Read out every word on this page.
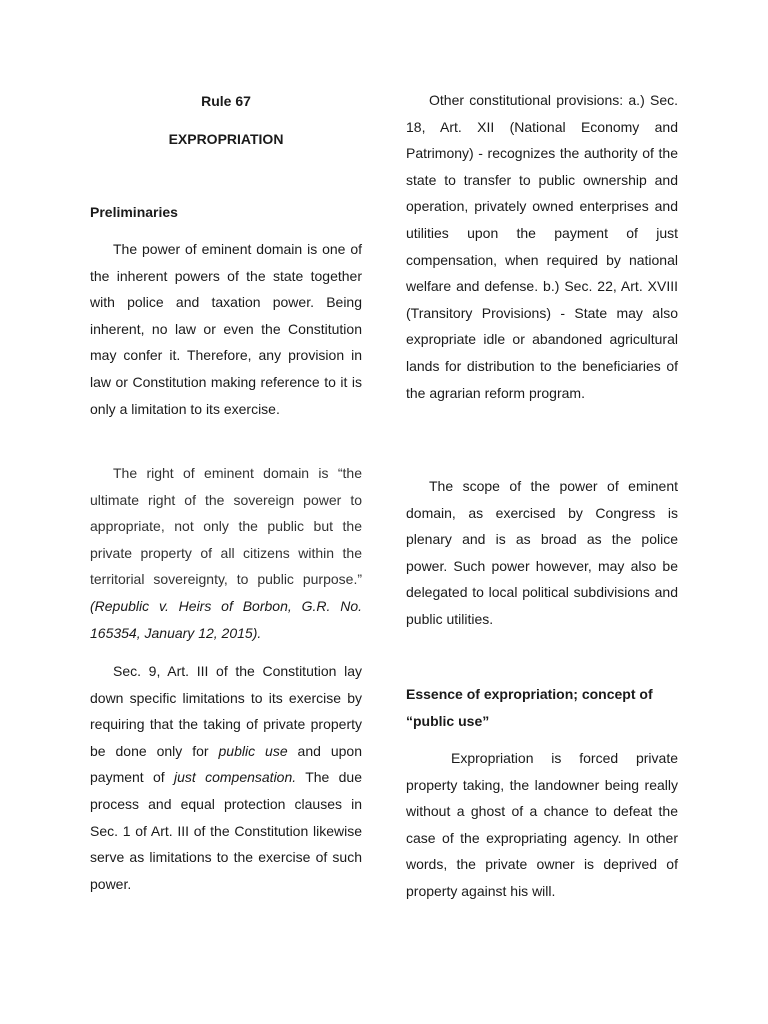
Rule 67
EXPROPRIATION
Preliminaries

The power of eminent domain is one of the inherent powers of the state together with police and taxation power. Being inherent, no law or even the Constitution may confer it. Therefore, any provision in law or Constitution making reference to it is only a limitation to its exercise.

The right of eminent domain is “the ultimate right of the sovereign power to appropriate, not only the public but the private property of all citizens within the territorial sovereignty, to public purpose.” (Republic v. Heirs of Borbon, G.R. No. 165354, January 12, 2015).

Sec. 9, Art. III of the Constitution lay down specific limitations to its exercise by requiring that the taking of private property be done only for public use and upon payment of just compensation. The due process and equal protection clauses in Sec. 1 of Art. III of the Constitution likewise serve as limitations to the exercise of such power.

Other constitutional provisions: a.) Sec. 18, Art. XII (National Economy and Patrimony) - recognizes the authority of the state to transfer to public ownership and operation, privately owned enterprises and utilities upon the payment of just compensation, when required by national welfare and defense. b.) Sec. 22, Art. XVIII (Transitory Provisions) - State may also expropriate idle or abandoned agricultural lands for distribution to the beneficiaries of the agrarian reform program.

The scope of the power of eminent domain, as exercised by Congress is plenary and is as broad as the police power. Such power however, may also be delegated to local political subdivisions and public utilities.

Essence of expropriation; concept of “public use”

Expropriation is forced private property taking, the landowner being really without a ghost of a chance to defeat the case of the expropriating agency. In other words, the private owner is deprived of property against his will.
